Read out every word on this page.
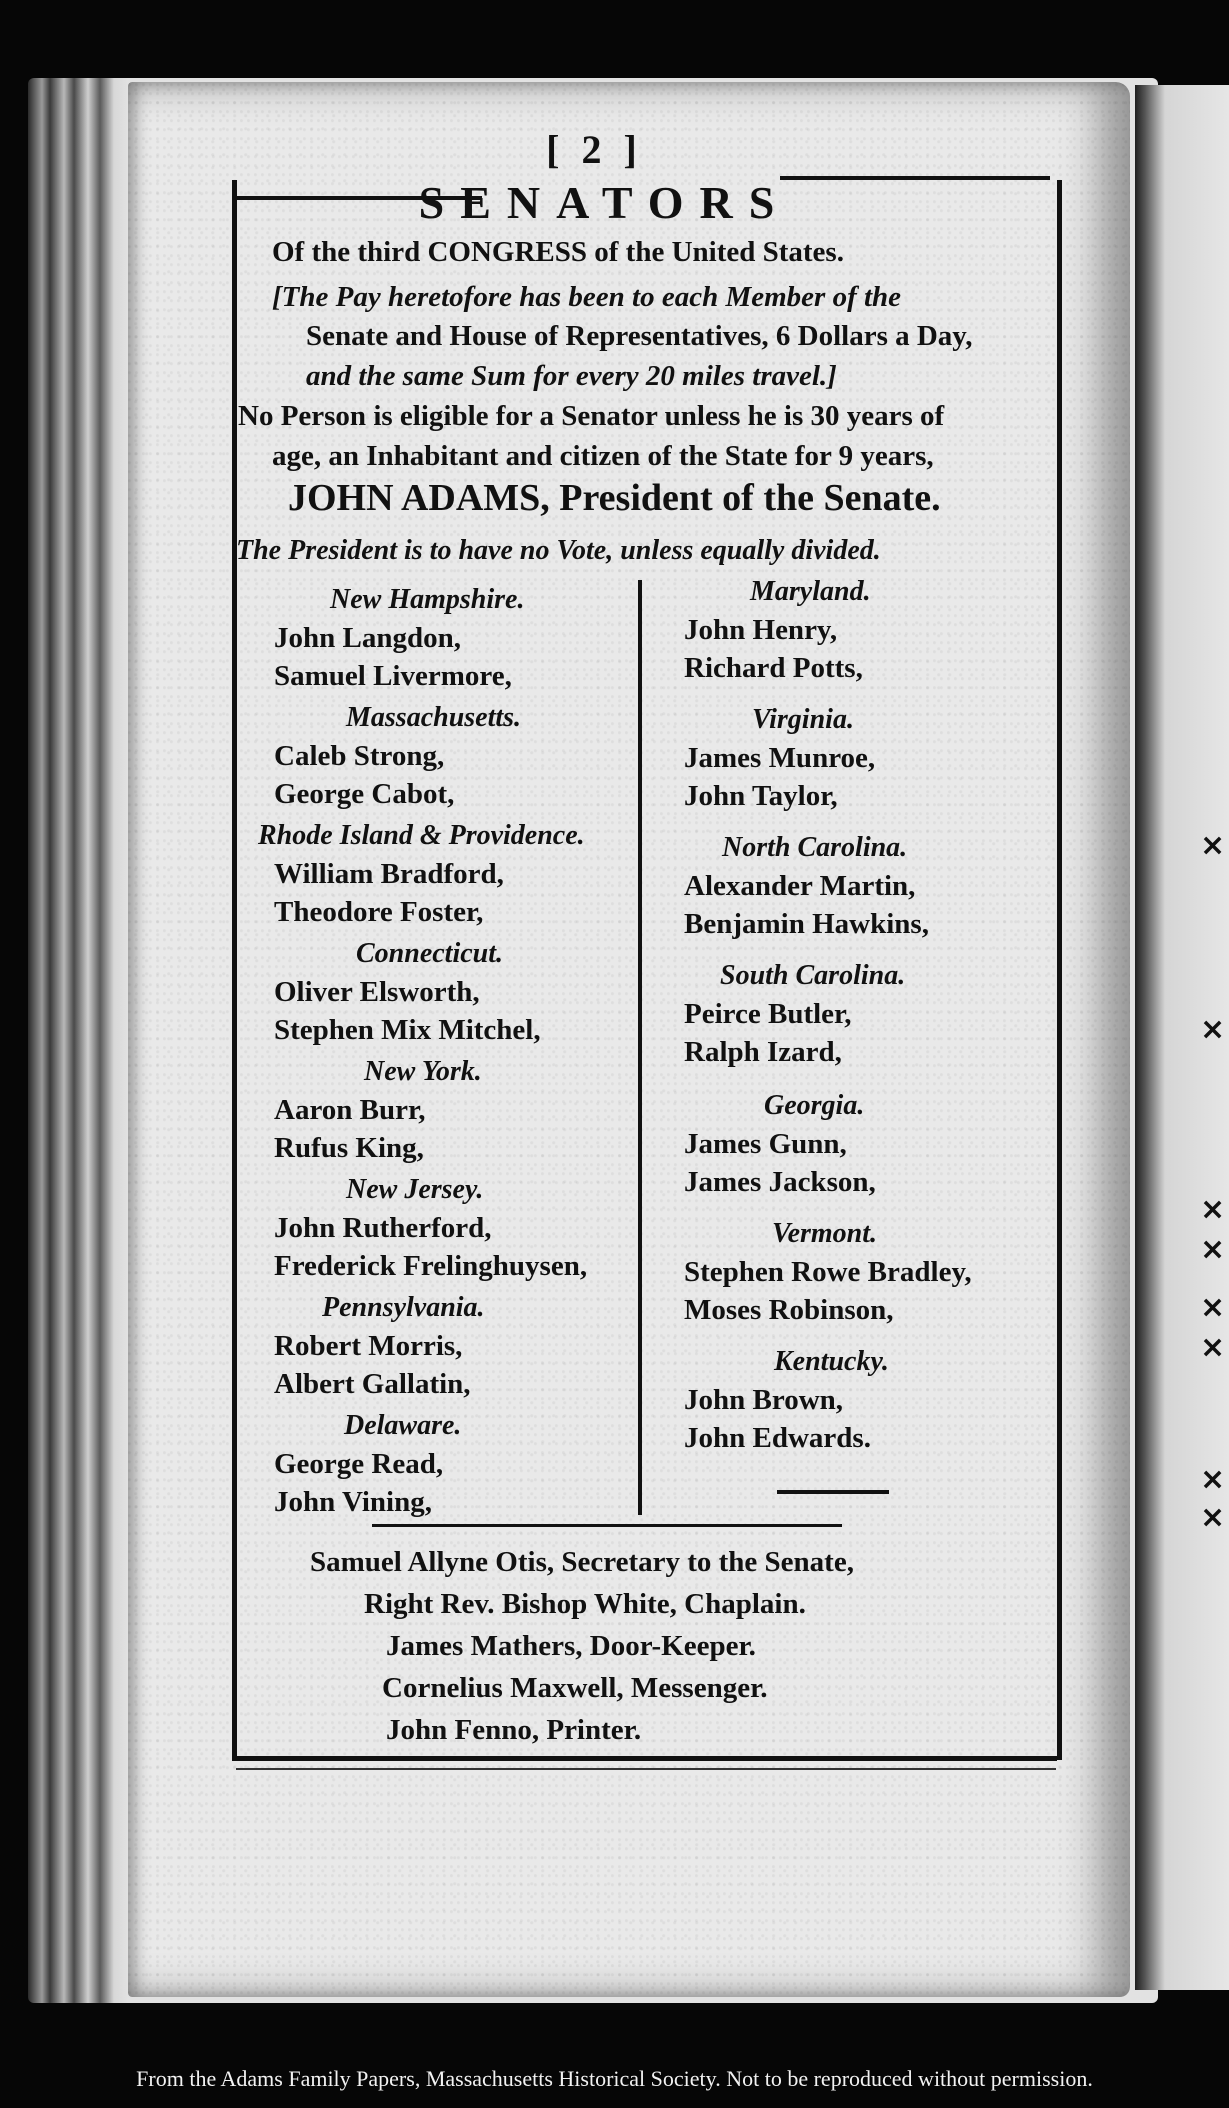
×
×
×
×
×
×
×
×
[ 2 ]
SENATORS
Of the third CONGRESS of the United States.
[The Pay heretofore has been to each Member of the
Senate and House of Representatives, 6 Dollars a Day,
and the same Sum for every 20 miles travel.]
No Person is eligible for a Senator unless he is 30 years of
age, an Inhabitant and citizen of the State for 9 years,
JOHN ADAMS, President of the Senate.
The President is to have no Vote, unless equally divided.
New Hampshire.
John Langdon,
Samuel Livermore,
Massachusetts.
Caleb Strong,
George Cabot,
Rhode Island & Providence.
William Bradford,
Theodore Foster,
Connecticut.
Oliver Elsworth,
Stephen Mix Mitchel,
New York.
Aaron Burr,
Rufus King,
New Jersey.
John Rutherford,
Frederick Frelinghuysen,
Pennsylvania.
Robert Morris,
Albert Gallatin,
Delaware.
George Read,
John Vining,
Maryland.
John Henry,
Richard Potts,
Virginia.
James Munroe,
John Taylor,
North Carolina.
Alexander Martin,
Benjamin Hawkins,
South Carolina.
Peirce Butler,
Ralph Izard,
Georgia.
James Gunn,
James Jackson,
Vermont.
Stephen Rowe Bradley,
Moses Robinson,
Kentucky.
John Brown,
John Edwards.
Samuel Allyne Otis, Secretary to the Senate,
Right Rev. Bishop White, Chaplain.
James Mathers, Door-Keeper.
Cornelius Maxwell, Messenger.
John Fenno, Printer.
From the Adams Family Papers, Massachusetts Historical Society. Not to be reproduced without permission.
